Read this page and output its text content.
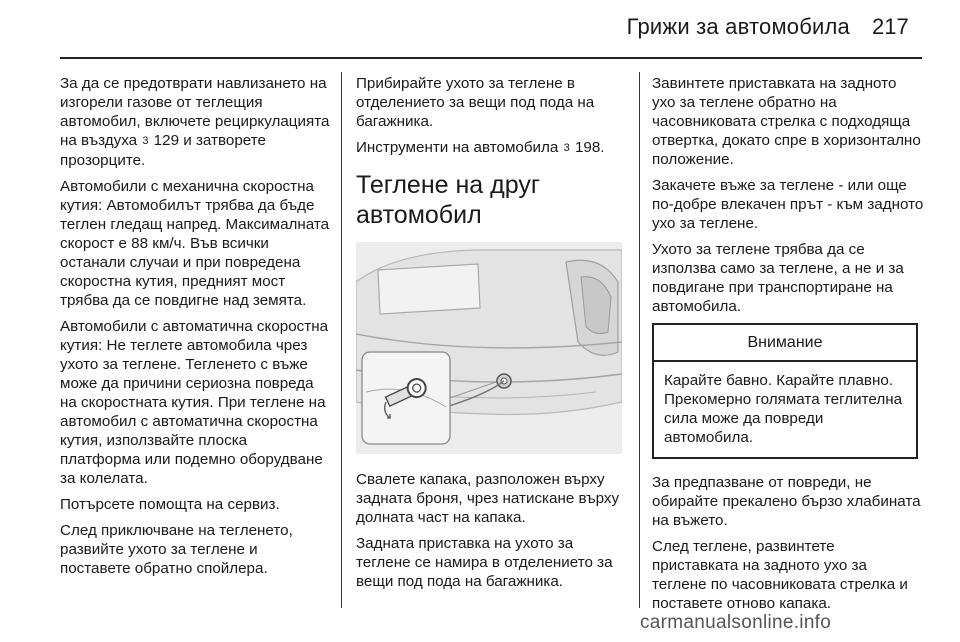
Грижи за автомобила 217

За да се предотврати навлизането на изгорели газове от теглещия автомобил, включете рециркулацията на въздуха 3 129 и затворете прозорците.

Автомобили с механична скоростна кутия: Автомобилът трябва да бъде теглен гледащ напред. Максималната скорост е 88 км/ч. Във всички останали случаи и при повредена скоростна кутия, предният мост трябва да се повдигне над земята.

Автомобили с автоматична скоростна кутия: Не теглете автомобила чрез ухото за теглене. Тегленето с въже може да причини сериозна повреда на скоростната кутия. При теглене на автомобил с автоматична скоростна кутия, използвайте плоска платформа или подемно оборудване за колелата.

Потърсете помощта на сервиз.

След приключване на тегленето, развийте ухото за теглене и поставете обратно спойлера.

Прибирайте ухото за теглене в отделението за вещи под пода на багажника.

Инструменти на автомобила 3 198.

Теглене на друг автомобил

Свалете капака, разположен върху задната броня, чрез натискане върху долната част на капака.

Задната приставка на ухото за теглене се намира в отделението за вещи под пода на багажника.

Завинтете приставката на задното ухо за теглене обратно на часовниковата стрелка с подходяща отвертка, докато спре в хоризонтално положение.

Закачете въже за теглене - или още по-добре влекачен прът - към задното ухо за теглене.

Ухото за теглене трябва да се използва само за теглене, а не и за повдигане при транспортиране на автомобила.

Внимание
Карайте бавно. Карайте плавно. Прекомерно голямата теглителна сила може да повреди автомобила.

За предпазване от повреди, не обирайте прекалено бързо хлабината на въжето.

След теглене, развинтете приставката на задното ухо за теглене по часовниковата стрелка и поставете отново капака.

carmanualsonline.info
